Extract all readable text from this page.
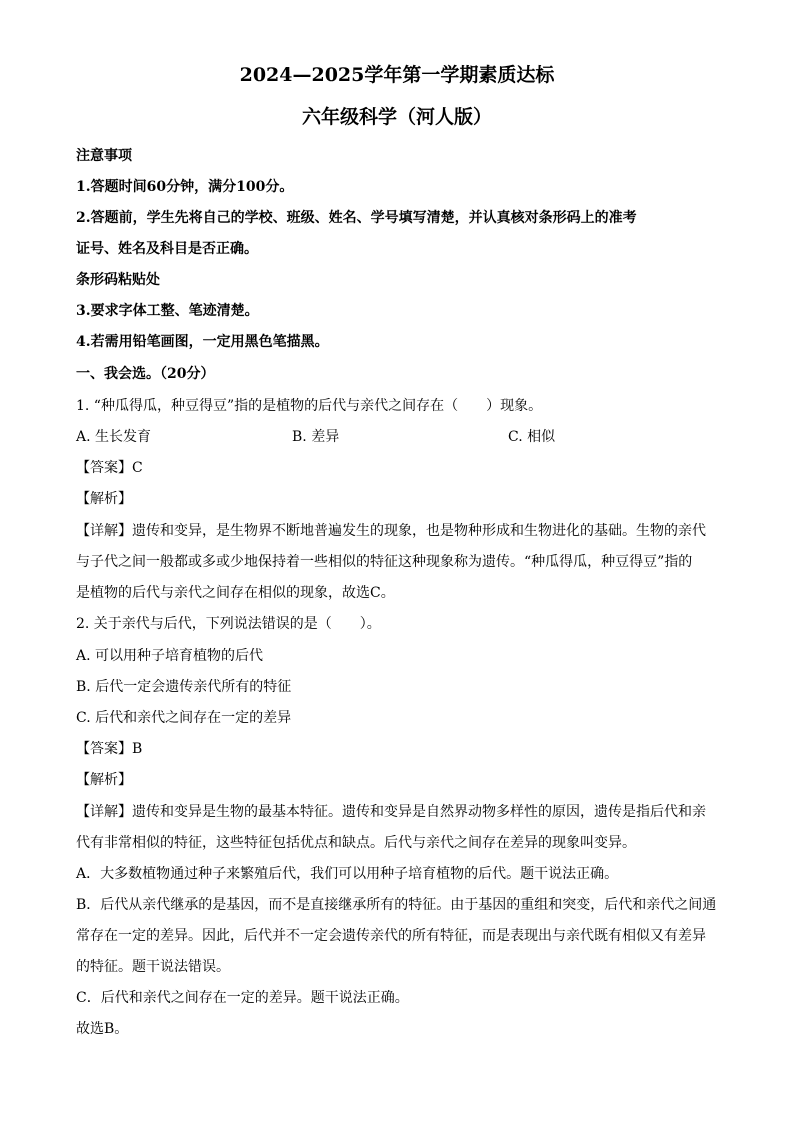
2024—2025学年第一学期素质达标
六年级科学（河人版）
注意事项
1.答题时间60分钟，满分100分。
2.答题前，学生先将自己的学校、班级、姓名、学号填写清楚，并认真核对条形码上的准考
证号、姓名及科目是否正确。
条形码粘贴处
3.要求字体工整、笔迹清楚。
4.若需用铅笔画图，一定用黑色笔描黑。
一、我会选。（20分）
1. “种瓜得瓜，种豆得豆”指的是植物的后代与亲代之间存在（　　）现象。
A. 生长发育	B. 差异	C. 相似
【答案】C
【解析】
【详解】遗传和变异，是生物界不断地普遍发生的现象，也是物种形成和生物进化的基础。生物的亲代
与子代之间一般都或多或少地保持着一些相似的特征这种现象称为遗传。“种瓜得瓜，种豆得豆”指的
是植物的后代与亲代之间存在相似的现象，故选C。
2. 关于亲代与后代，下列说法错误的是（　　）。
A. 可以用种子培育植物的后代
B. 后代一定会遗传亲代所有的特征
C. 后代和亲代之间存在一定的差异
【答案】B
【解析】
【详解】遗传和变异是生物的最基本特征。遗传和变异是自然界动物多样性的原因，遗传是指后代和亲
代有非常相似的特征，这些特征包括优点和缺点。后代与亲代之间存在差异的现象叫变异。
A．大多数植物通过种子来繁殖后代，我们可以用种子培育植物的后代。题干说法正确。
B．后代从亲代继承的是基因，而不是直接继承所有的特征。由于基因的重组和突变，后代和亲代之间通
常存在一定的差异。因此，后代并不一定会遗传亲代的所有特征，而是表现出与亲代既有相似又有差异
的特征。题干说法错误。
C．后代和亲代之间存在一定的差异。题干说法正确。
故选B。
